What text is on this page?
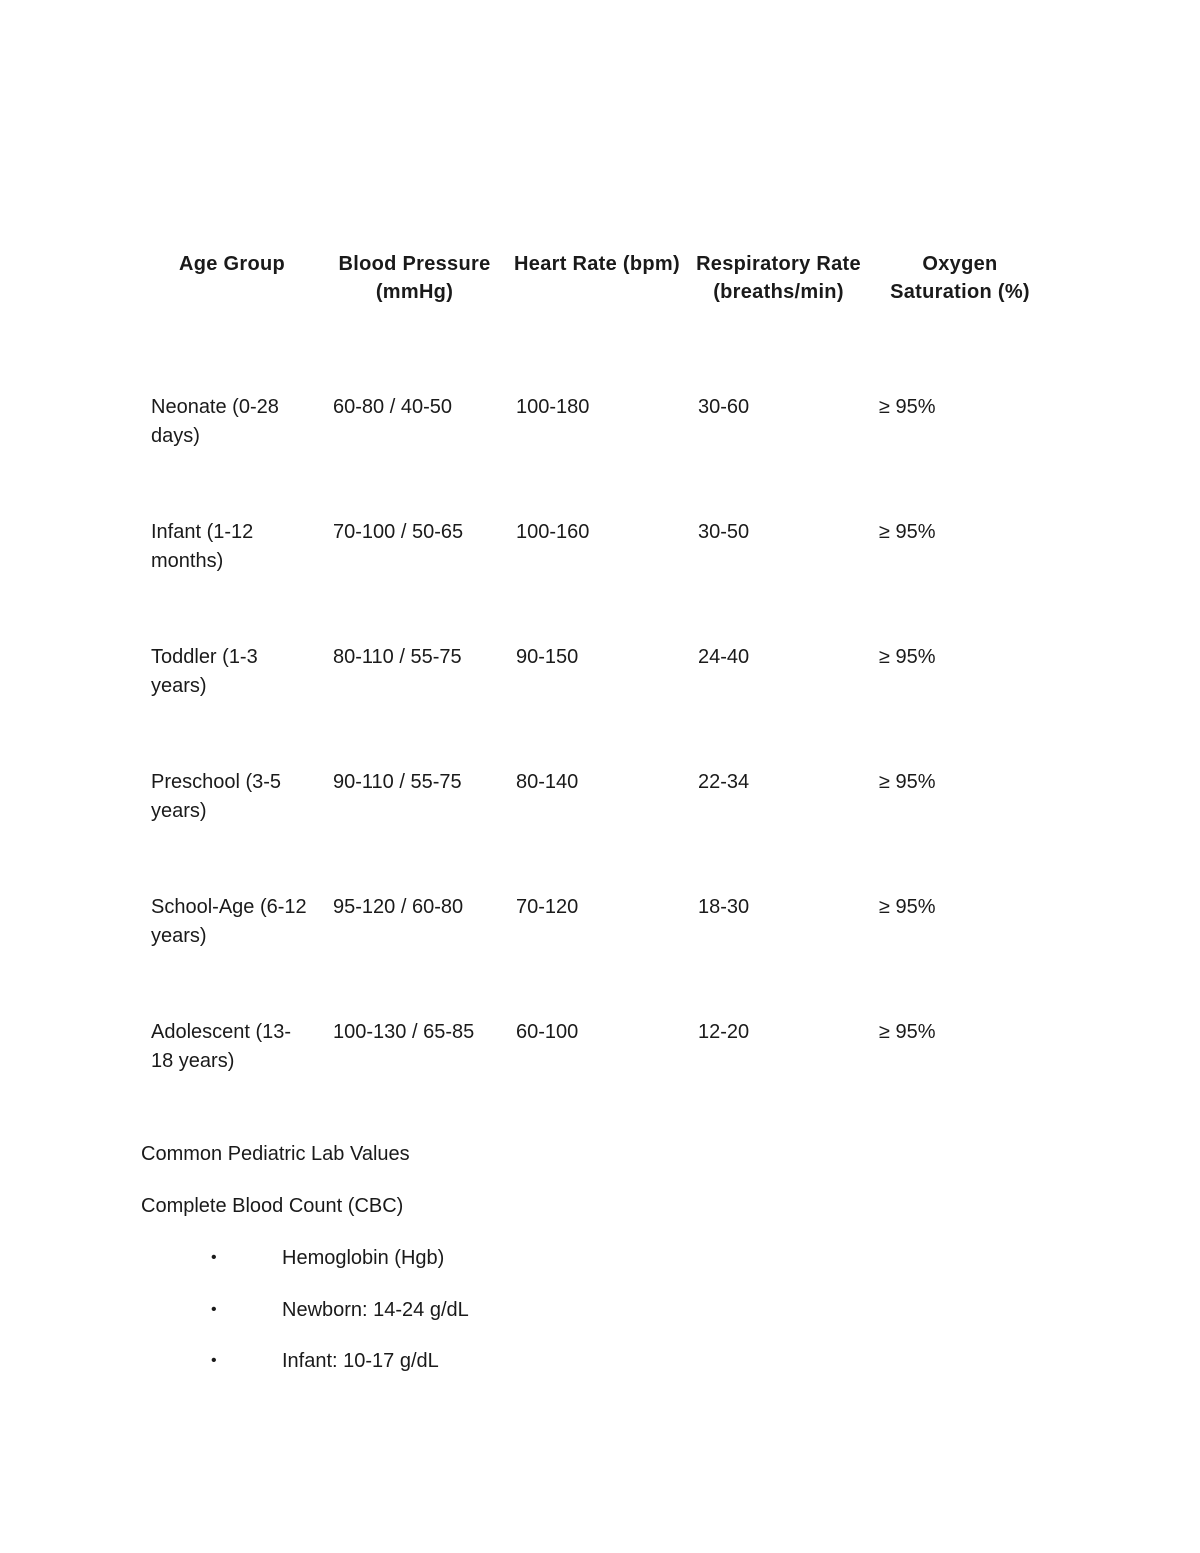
Age Group	Blood Pressure (mmHg)	Heart Rate (bpm)	Respiratory Rate (breaths/min)	Oxygen Saturation (%)
Neonate (0-28 days)	60-80 / 40-50	100-180	30-60	≥ 95%
Infant (1-12 months)	70-100 / 50-65	100-160	30-50	≥ 95%
Toddler (1-3 years)	80-110 / 55-75	90-150	24-40	≥ 95%
Preschool (3-5 years)	90-110 / 55-75	80-140	22-34	≥ 95%
School-Age (6-12 years)	95-120 / 60-80	70-120	18-30	≥ 95%
Adolescent (13-18 years)	100-130 / 65-85	60-100	12-20	≥ 95%
Common Pediatric Lab Values
Complete Blood Count (CBC)
•	Hemoglobin (Hgb)
•	Newborn: 14-24 g/dL
•	Infant: 10-17 g/dL
